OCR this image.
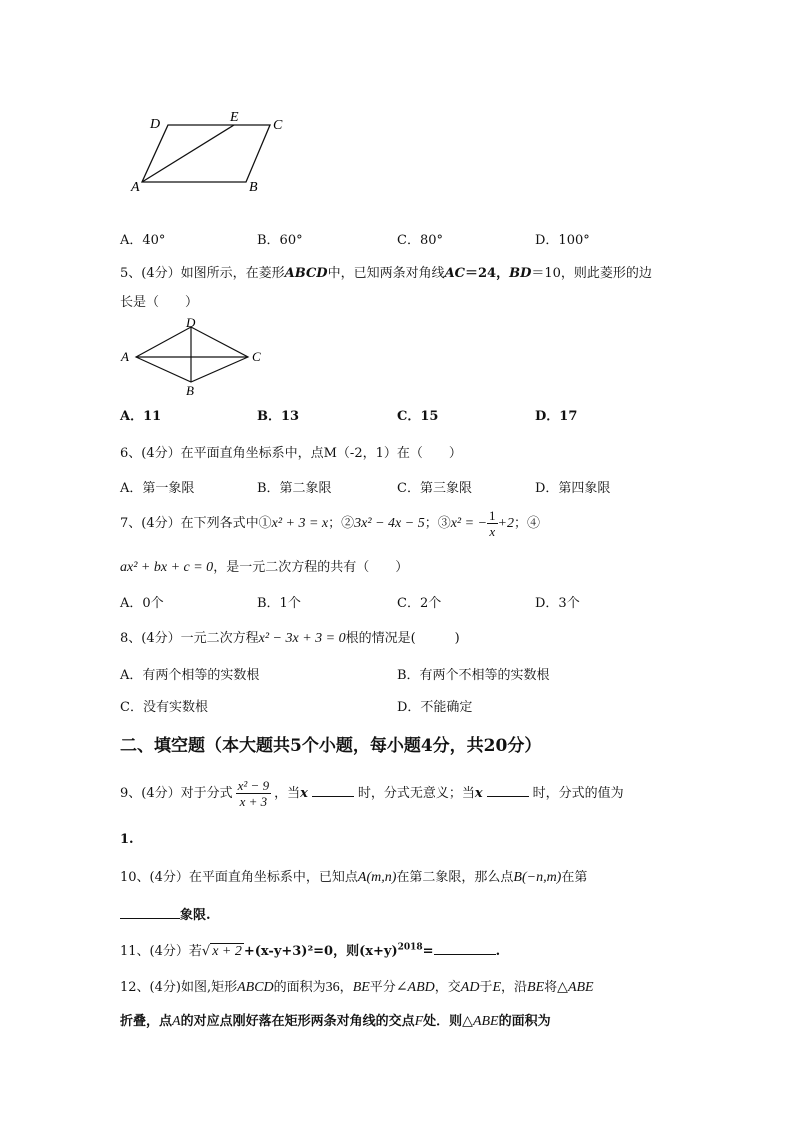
D	E
C
A	B
A．40°	B．60°	C．80°	D．100°
5、(4分）如图所示，在菱形ABCD中，已知两条对角线AC＝24，BD＝10，则此菱形的边
长是（　　）
D
A	C
B
A．11	B．13	C．15	D．17
6、(4分）在平面直角坐标系中，点M（-2，1）在（　　）
A．第一象限	B．第二象限	C．第三象限	D．第四象限
7、(4分）在下列各式中①x² + 3 = x；②3x² − 4x − 5；③x² = − $\frac{1}{x} +2$；④
ax² + bx + c = 0，是一元二次方程的共有（　　）
A．0个	B．1个	C．2个	D．3个
8、(4分）一元二次方程x² − 3x + 3 = 0根的情况是(　　　)
A．有两个相等的实数根	B．有两个不相等的实数根
C．没有实数根	D．不能确定
二、填空题（本大题共5个小题，每小题4分，共20分）
9、(4分）对于分式 $\frac{\text{x² − 9}}{x + 3}$ ，当x	时，分式无意义；当x	时，分式的值为
1.
10、(4分）在平面直角坐标系中，已知点A(m,n)在第二象限，那么点B(−n,m)在第
象限.
11、(4分）若√ x + 2 +(x-y+3)²=0，则$(x+y)^{2018}=$	.
12、(4分)如图,矩形ABCD的面积为36，BE平分∠ABD，交AD于E，沿BE将△ABE
折叠，点A的对应点刚好落在矩形两条对角线的交点F处．则△ABE的面积为
